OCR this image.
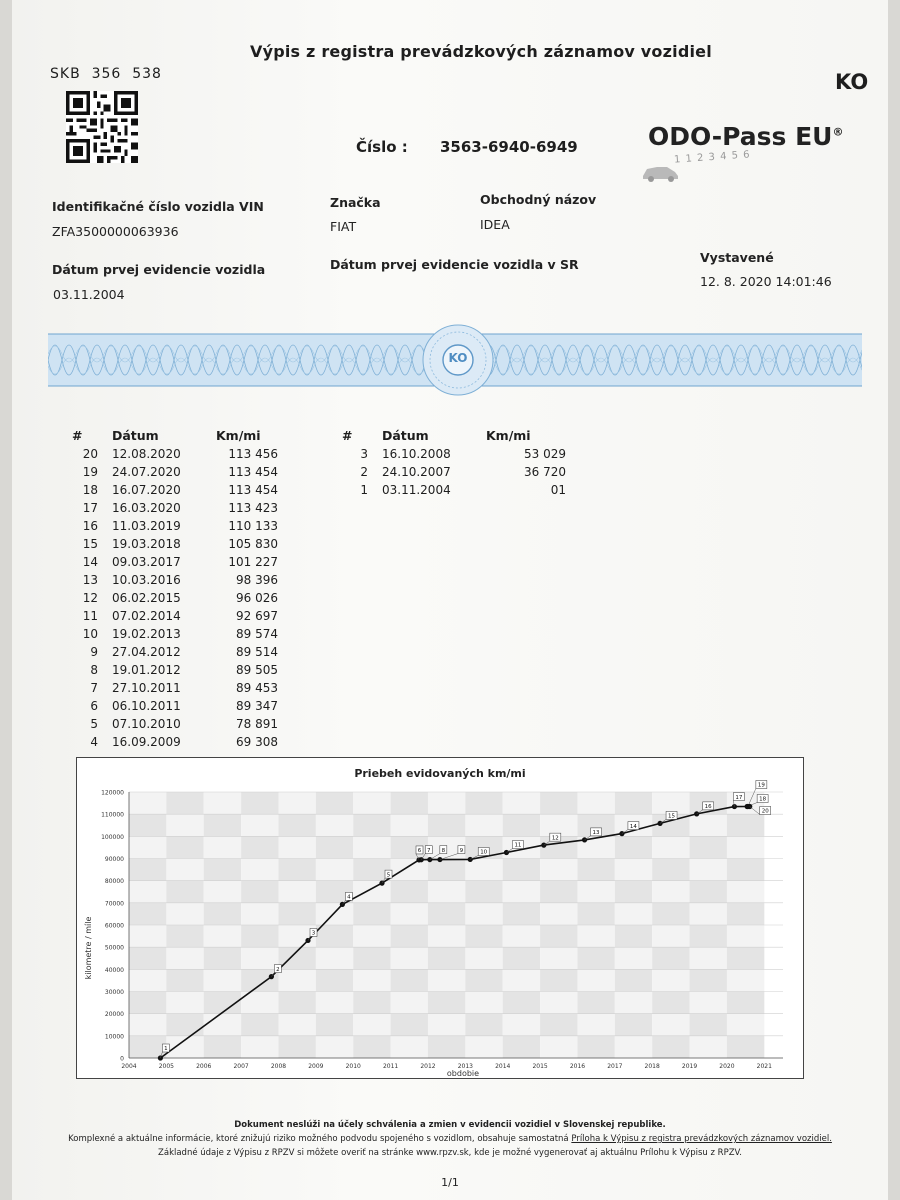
Výpis z registra prevádzkových záznamov vozidiel
SKB  356  538	KO
Číslo : 3563-6940-6949	ODO-Pass EU®
1 1 2 3 4 5 6
Identifikačné číslo vozidla VIN
ZFA3500000063936
Značka
FIAT
Obchodný názov
IDEA
Dátum prvej evidencie vozidla
03.11.2004
Dátum prvej evidencie vozidla v SR	Vystavené
12. 8. 2020 14:01:46
KO
#	Dátum	Km/mi
20	12.08.2020	113 456
19	24.07.2020	113 454
18	16.07.2020	113 454
17	16.03.2020	113 423
16	11.03.2019	110 133
15	19.03.2018	105 830
14	09.03.2017	101 227
13	10.03.2016	98 396
12	06.02.2015	96 026
11	07.02.2014	92 697
10	19.02.2013	89 574
9	27.04.2012	89 514
8	19.01.2012	89 505
7	27.10.2011	89 453
6	06.10.2011	89 347
5	07.10.2010	78 891
4	16.09.2009	69 308
#	Dátum	Km/mi
3	16.10.2008	53 029
2	24.10.2007	36 720
1	03.11.2004	01
Priebeh evidovaných km/mi
0
10000
20000
30000
40000
50000
60000
70000
80000
90000
100000
110000
120000
2004	2005	2006	2007	2008	2009	2010	2011	2012	2013	2014	2015	2016	2017	2018	2019	2020	2021
1
2
3
4
5
6 7 8	9	10
11
12
13
14
15
16
17	18
19
20
obdobie
kilometre / míle
Dokument neslúži na účely schválenia a zmien v evidencii vozidiel v Slovenskej republike.
Komplexné a aktuálne informácie, ktoré znižujú riziko možného podvodu spojeného s vozidlom, obsahuje samostatná Príloha k Výpisu z registra prevádzkových záznamov vozidiel.
Základné údaje z Výpisu z RPZV si môžete overiť na stránke www.rpzv.sk, kde je možné vygenerovať aj aktuálnu Prílohu k Výpisu z RPZV.
1/1
